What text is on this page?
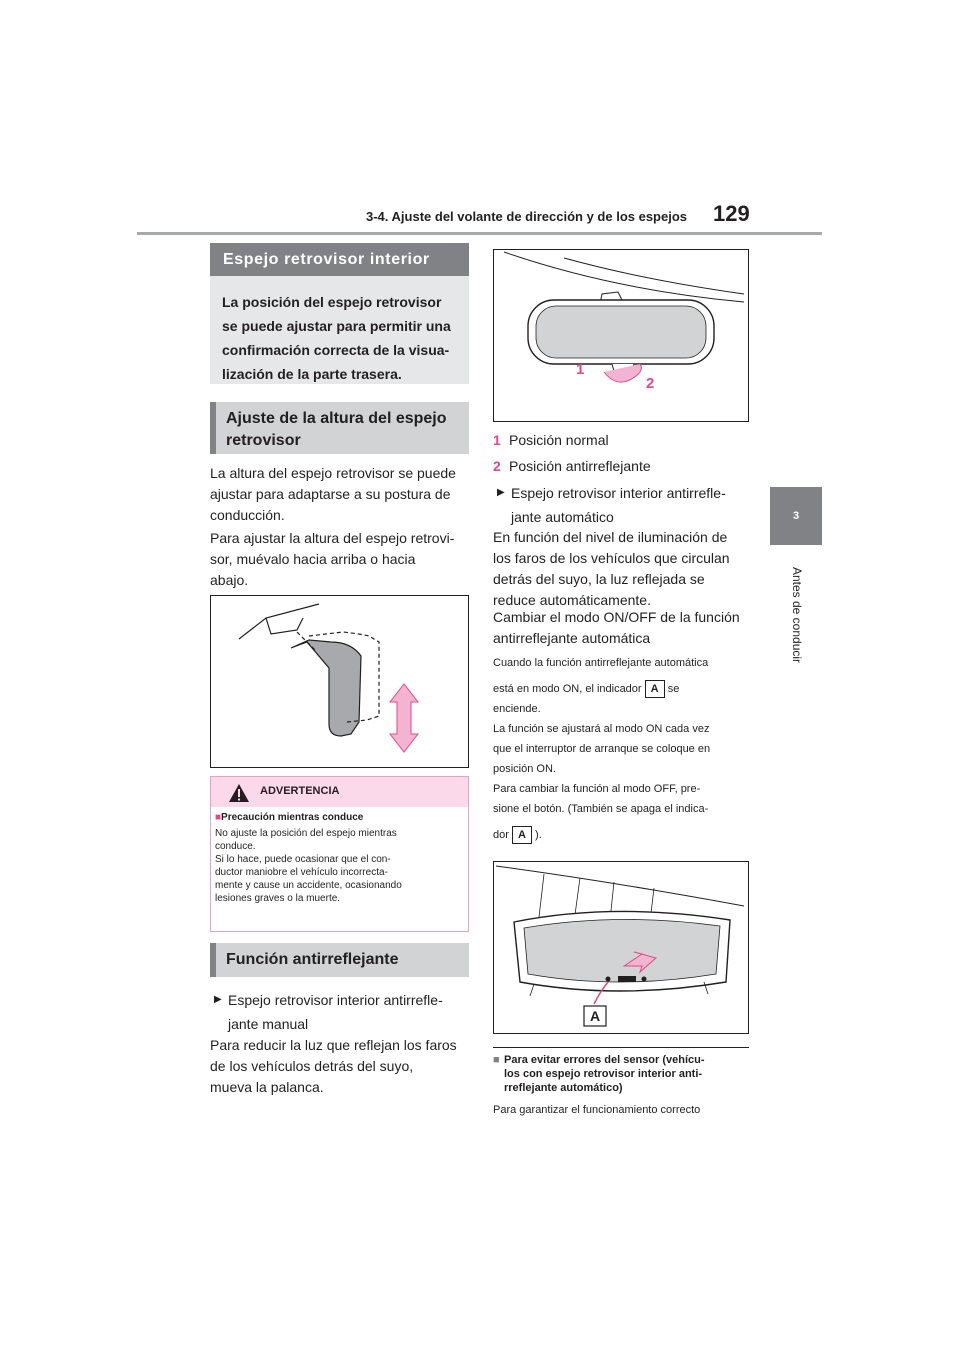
3-4. Ajuste del volante de dirección y de los espejos 129
3
Antes de conducir
Espejo retrovisor interior
La posición del espejo retrovisor
se puede ajustar para permitir una
confirmación correcta de la visua-
lización de la parte trasera.
Ajuste de la altura del espejo
retrovisor
La altura del espejo retrovisor se puede
ajustar para adaptarse a su postura de
conducción.
Para ajustar la altura del espejo retrovi-
sor, muévalo hacia arriba o hacia
abajo.
ADVERTENCIA
■Precaución mientras conduce
No ajuste la posición del espejo mientras
conduce.
Si lo hace, puede ocasionar que el con-
ductor maniobre el vehículo incorrecta-
mente y cause un accidente, ocasionando
lesiones graves o la muerte.
Función antirreflejante
▶ Espejo retrovisor interior antirrefle-
jante manual
Para reducir la luz que reflejan los faros
de los vehículos detrás del suyo,
mueva la palanca.
1
2
1 Posición normal
2 Posición antirreflejante
▶ Espejo retrovisor interior antirrefle-
jante automático
En función del nivel de iluminación de
los faros de los vehículos que circulan
detrás del suyo, la luz reflejada se
reduce automáticamente.
Cambiar el modo ON/OFF de la función
antirreflejante automática
Cuando la función antirreflejante automática
está en modo ON, el indicador A se
enciende.
La función se ajustará al modo ON cada vez
que el interruptor de arranque se coloque en
posición ON.
Para cambiar la función al modo OFF, pre-
sione el botón. (También se apaga el indica-
dor A ).
A
■ Para evitar errores del sensor (vehícu-
los con espejo retrovisor interior anti-
rreflejante automático)
Para garantizar el funcionamiento correcto
